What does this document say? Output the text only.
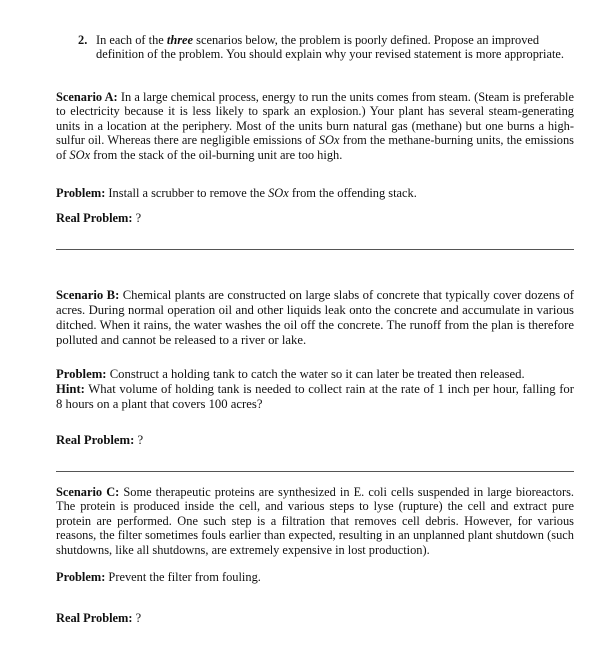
2. In each of the three scenarios below, the problem is poorly defined. Propose an improved definition of the problem. You should explain why your revised statement is more appropriate.
Scenario A: In a large chemical process, energy to run the units comes from steam. (Steam is preferable to electricity because it is less likely to spark an explosion.) Your plant has several steam-generating units in a location at the periphery. Most of the units burn natural gas (methane) but one burns a high-sulfur oil. Whereas there are negligible emissions of SOx from the methane-burning units, the emissions of SOx from the stack of the oil-burning unit are too high.
Problem: Install a scrubber to remove the SOx from the offending stack.
Real Problem: ?
Scenario B: Chemical plants are constructed on large slabs of concrete that typically cover dozens of acres. During normal operation oil and other liquids leak onto the concrete and accumulate in various ditched. When it rains, the water washes the oil off the concrete. The runoff from the plan is therefore polluted and cannot be released to a river or lake.
Problem: Construct a holding tank to catch the water so it can later be treated then released.
Hint: What volume of holding tank is needed to collect rain at the rate of 1 inch per hour, falling for 8 hours on a plant that covers 100 acres?
Real Problem: ?
Scenario C: Some therapeutic proteins are synthesized in E. coli cells suspended in large bioreactors. The protein is produced inside the cell, and various steps to lyse (rupture) the cell and extract pure protein are performed. One such step is a filtration that removes cell debris. However, for various reasons, the filter sometimes fouls earlier than expected, resulting in an unplanned plant shutdown (such shutdowns, like all shutdowns, are extremely expensive in lost production).
Problem: Prevent the filter from fouling.
Real Problem: ?
